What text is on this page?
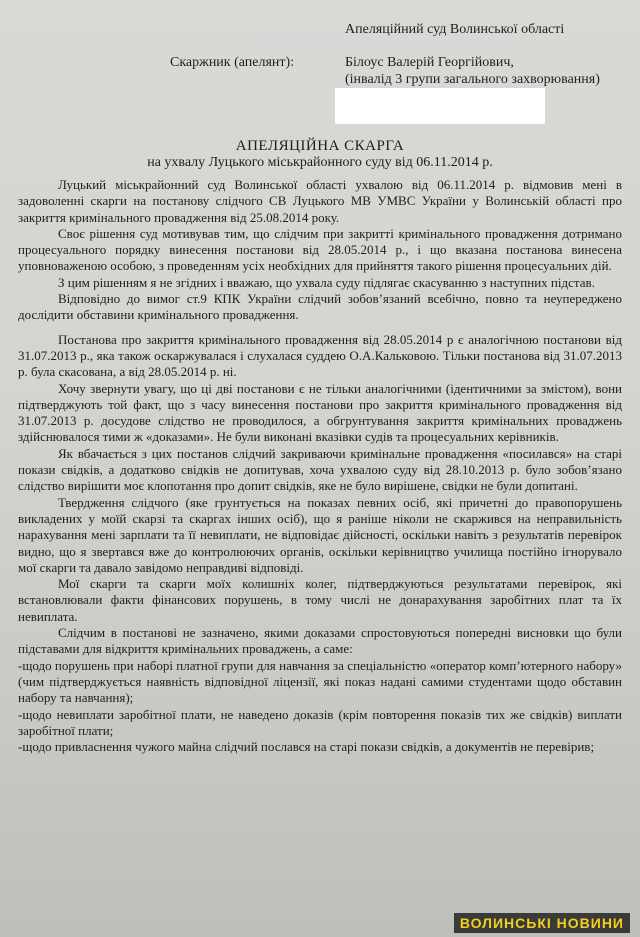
Апеляційний суд Волинської області
Скаржник (апелянт):	Білоус Валерій Георгійович,
(інвалід 3 групи загального захворювання)
АПЕЛЯЦІЙНА СКАРГА
на ухвалу Луцького міськрайонного суду від 06.11.2014 р.

Луцький міськрайонний суд Волинської області ухвалою від 06.11.2014 р. відмовив мені в задоволенні скарги на постанову слідчого СВ Луцького МВ УМВС України у Волинській області про закриття кримінального провадження від 25.08.2014 року.

Своє рішення суд мотивував тим, що слідчим при закритті кримінального провадження дотримано процесуального порядку винесення постанови від 28.05.2014 р., і що вказана постанова винесена уповноваженою особою, з проведенням усіх необхідних для прийняття такого рішення процесуальних дій.

З цим рішенням я не згідних і вважаю, що ухвала суду підлягає скасуванню з наступних підстав.

Відповідно до вимог ст.9 КПК України слідчий зобов’язаний всебічно, повно та неупереджено дослідити обставини кримінального провадження.

Постанова про закриття кримінального провадження від 28.05.2014 р є аналогічною постанови від 31.07.2013 р., яка також оскаржувалася і слухалася суддею О.А.Кальковою. Тільки постанова від 31.07.2013 р. була скасована, а від 28.05.2014 р. ні.

Хочу звернути увагу, що ці дві постанови є не тільки аналогічними (ідентичними за змістом), вони підтверджують той факт, що з часу винесення постанови про закриття кримінального провадження від 31.07.2013 р. досудове слідство не проводилося, а обгрунтування закриття кримінальних проваджень здійснювалося тими ж «доказами». Не були виконані вказівки судів та процесуальних керівників.

Як вбачається з цих постанов слідчий закриваючи кримінальне провадження «посилався» на старі покази свідків, а додатково свідків не допитував, хоча ухвалою суду від 28.10.2013 р. було зобов’язано слідство вирішити моє клопотання про допит свідків, яке не було вирішене, свідки не були допитані.

Твердження слідчого (яке грунтується на показах певних осіб, які причетні до правопорушень викладених у моїй скарзі та скаргах інших осіб), що я раніше ніколи не скаржився на неправильність нарахування мені зарплати та її невиплати, не відповідає дійсності, оскільки навіть з результатів перевірок видно, що я звертався вже до контролюючих органів, оскільки керівництво училища постійно ігнорувало мої скарги та давало завідомо неправдиві відповіді.

Мої скарги та скарги моїх колишніх колег, підтверджуються результатами перевірок, які встановлювали факти фінансових порушень, в тому числі не донарахування заробітних плат та їх невиплата.

Слідчим в постанові не зазначено, якими доказами спростовуються попередні висновки що були підставами для відкриття кримінальних проваджень, а саме:

-щодо порушень при наборі платної групи для навчання за спеціальністю «оператор комп’ютерного набору» (чим підтверджується наявність відповідної ліцензії, які показ надані самими студентами щодо обставин набору та навчання);

-щодо невиплати заробітної плати, не наведено доказів (крім повторення показів тих же свідків) виплати заробітної плати;

-щодо привласнення чужого майна слідчий послався на старі покази свідків, а документів не перевірив;

ВОЛИНСЬКІ НОВИНИ
